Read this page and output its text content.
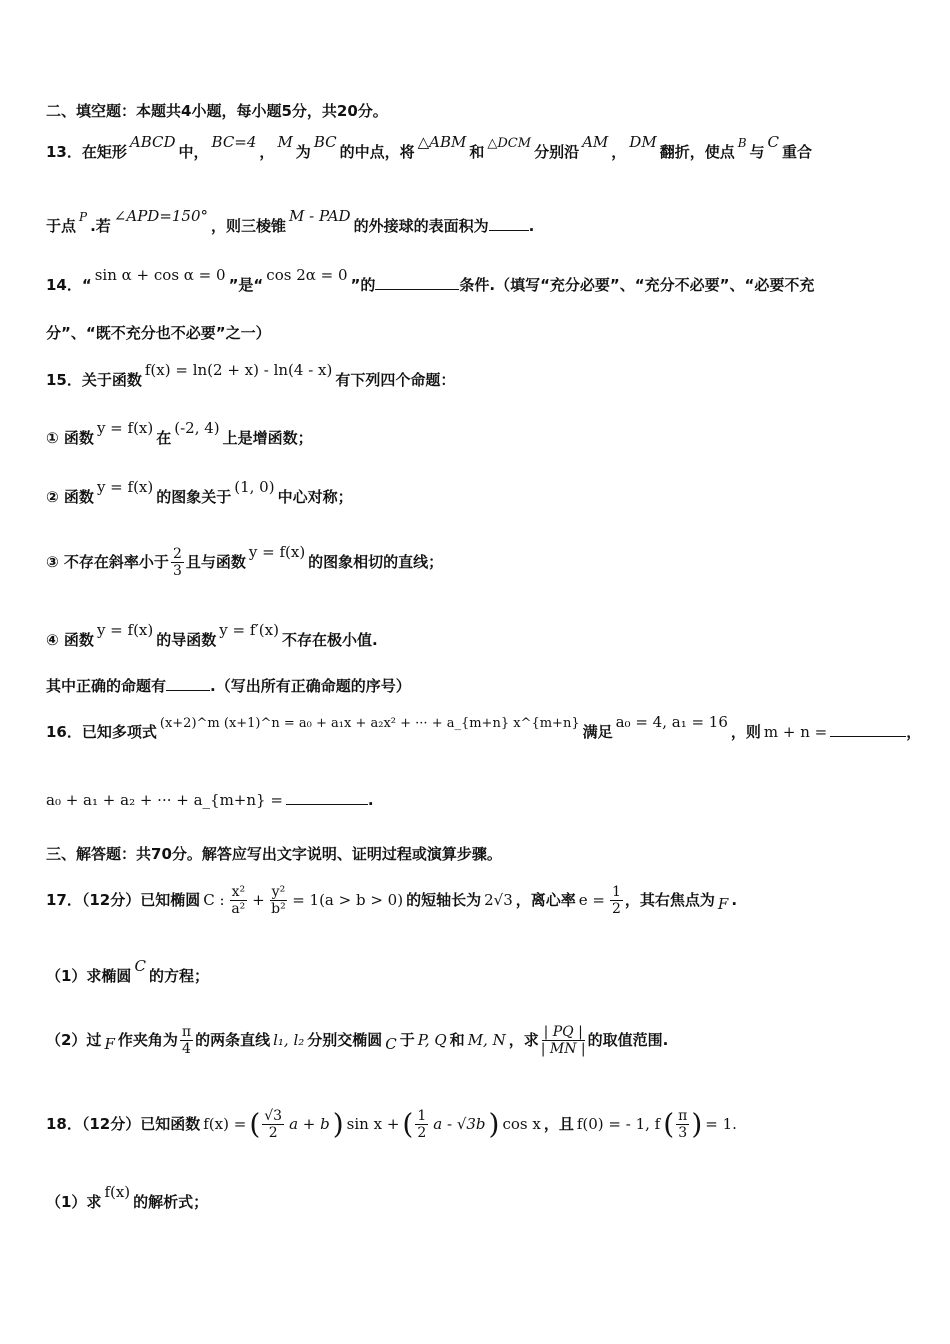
二、填空题：本题共4小题，每小题5分，共20分。
13．在矩形ABCD中，BC=4，M为BC的中点，将△ABM和 △DCM 分别沿AM，DM翻折，使点 $^B$ 与C重合
于点 $^P$ .若∠APD=150°，则三棱锥M - PAD的外接球的表面积为	.
14．“sin α + cos α = 0”是“cos 2α = 0”的	条件.（填写“充分必要”、“充分不必要”、“必要不充
分”、“既不充分也不必要”之一）
15．关于函数f(x) = ln(2 + x) - ln(4 - x)有下列四个命题：
① 函数y = f(x)在(-2, 4)上是增函数；
② 函数y = f(x)的图象关于(1, 0)中心对称；
③ 不存在斜率小于 $\frac{2}{3}$ 且与函数y = f(x)的图象相切的直线；
④ 函数y = f(x)的导函数y = f′(x)不存在极小值.
其中正确的命题有	.（写出所有正确命题的序号）
16．已知多项式 (x+2)^m (x+1)^n = a₀ + a₁x + a₂x² + ··· + a_{m+n} x^{m+n} 满足a₀ = 4, a₁ = 16，则 m + n =	，
a₀ + a₁ + a₂ + ··· + a_{m+n} =	.
三、解答题：共70分。解答应写出文字说明、证明过程或演算步骤。
17．（12分）已知椭圆 C : $\frac{\text{x²}}{\text{a²}} + \frac{\text{y²}}{\text{b²}} = 1(a > b > 0)$ 的短轴长为 2√3 ，离心率 $e = \frac{1}{2}$ ，其右焦点为 F .
（1）求椭圆C的方程；
（2）过 F 作夹角为 $\frac{\pi}{4}$ 的两条直线 l₁, l₂ 分别交椭圆 C 于 P, Q 和 M, N ，求 $\frac{| PQ |}{| MN |}$ 的取值范围.
18．（12分）已知函数 f(x) = ( $\frac{√3}{2}$ a + b ) sin x + ( $\frac{1}{2}$ a - √3b ) cos x ，且 f(0) = - 1, f ( $\frac{\pi}{3}$ ) = 1.
（1）求f(x)的解析式；
